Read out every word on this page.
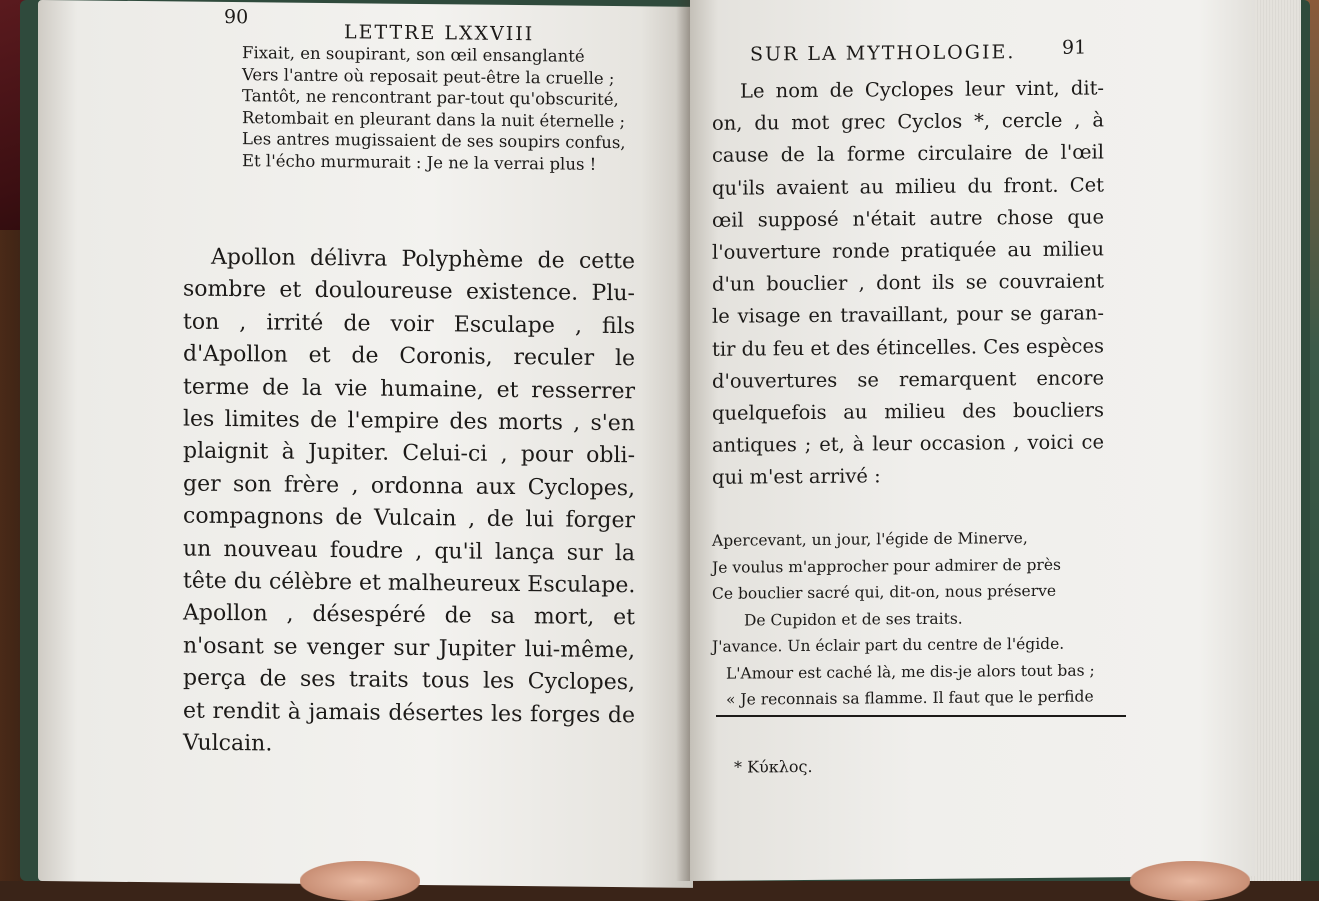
90
LETTRE LXXVIII
Fixait, en soupirant, son œil ensanglanté
Vers l'antre où reposait peut-être la cruelle ;
Tantôt, ne rencontrant par-tout qu'obscurité,
Retombait en pleurant dans la nuit éternelle ;
Les antres mugissaient de ses soupirs confus,
Et l'écho murmurait : Je ne la verrai plus !
Apollon délivra Polyphème de cette
sombre et douloureuse existence. Plu-
ton , irrité de voir Esculape , fils
d'Apollon et de Coronis, reculer le
terme de la vie humaine, et resserrer
les limites de l'empire des morts , s'en
plaignit à Jupiter. Celui-ci , pour obli-
ger son frère , ordonna aux Cyclopes,
compagnons de Vulcain , de lui forger
un nouveau foudre , qu'il lança sur la
tête du célèbre et malheureux Esculape.
Apollon , désespéré de sa mort, et
n'osant se venger sur Jupiter lui-même,
perça de ses traits tous les Cyclopes,
et rendit à jamais désertes les forges de
Vulcain.
SUR LA MYTHOLOGIE. 91
Le nom de Cyclopes leur vint, dit-
on, du mot grec Cyclos *, cercle , à
cause de la forme circulaire de l'œil
qu'ils avaient au milieu du front. Cet
œil supposé n'était autre chose que
l'ouverture ronde pratiquée au milieu
d'un bouclier , dont ils se couvraient
le visage en travaillant, pour se garan-
tir du feu et des étincelles. Ces espèces
d'ouvertures se remarquent encore
quelquefois au milieu des boucliers
antiques ; et, à leur occasion , voici ce
qui m'est arrivé :
Apercevant, un jour, l'égide de Minerve,
Je voulus m'approcher pour admirer de près
Ce bouclier sacré qui, dit-on, nous préserve
De Cupidon et de ses traits.
J'avance. Un éclair part du centre de l'égide.
L'Amour est caché là, me dis-je alors tout bas ;
« Je reconnais sa flamme. Il faut que le perfide
* Κύκλος.
